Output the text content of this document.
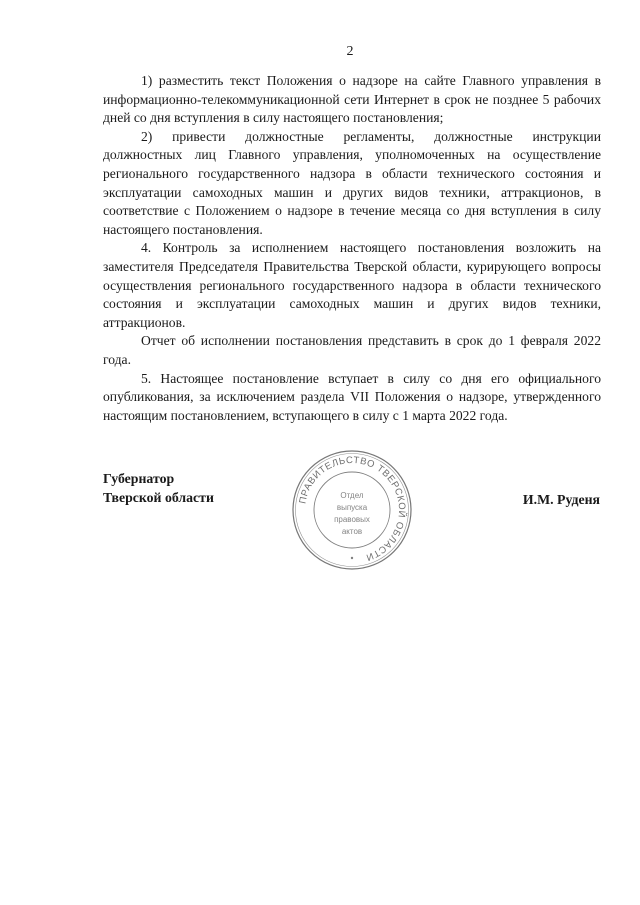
2

1) разместить текст Положения о надзоре на сайте Главного управления в информационно-телекоммуникационной сети Интернет в срок не позднее 5 рабочих дней со дня вступления в силу настоящего постановления;

2) привести должностные регламенты, должностные инструкции должностных лиц Главного управления, уполномоченных на осуществление регионального государственного надзора в области технического состояния и эксплуатации самоходных машин и других видов техники, аттракционов, в соответствие с Положением о надзоре в течение месяца со дня вступления в силу настоящего постановления.

4. Контроль за исполнением настоящего постановления возложить на заместителя Председателя Правительства Тверской области, курирующего вопросы осуществления регионального государственного надзора в области технического состояния и эксплуатации самоходных машин и других видов техники, аттракционов.

Отчет об исполнении постановления представить в срок до 1 февраля 2022 года.

5. Настоящее постановление вступает в силу со дня его официального опубликования, за исключением раздела VII Положения о надзоре, утвержденного настоящим постановлением, вступающего в силу с 1 марта 2022 года.

Губернатор
Тверской области	ПРАВИТЕЛЬСТВО ТВЕРСКОЙ ОБЛАСТИ
Отдел
выпуска
правовых
актов
И.М. Руденя
